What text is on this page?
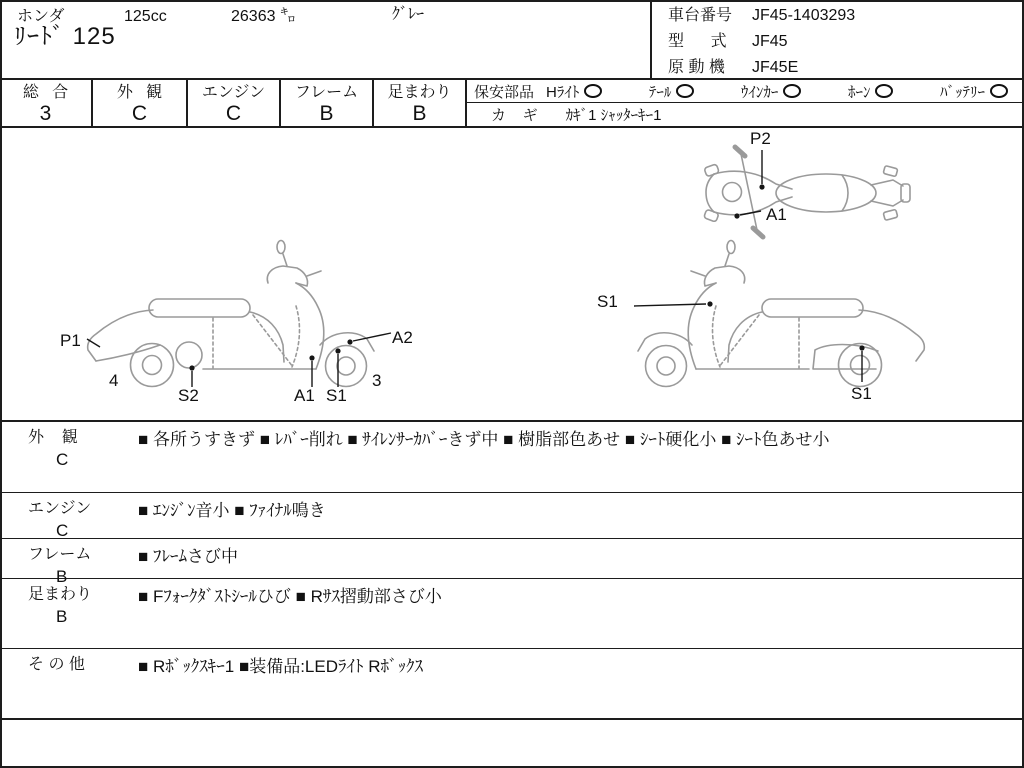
ホンダ	125cc	26363 ㌔	ｸﾞﾚｰ
ﾘｰﾄﾞ 125
車台番号	JF45-1403293
型      式	JF45
原 動 機	JF45E
総   合
3
外   観
C
エンジン
C
フレーム
B
足まわり
B
保安部品 Hﾗｲﾄ	ﾃｰﾙ	ｳｲﾝｶｰ	ﾎｰﾝ	ﾊﾞｯﾃﾘｰ
カ    ギ ｶｷﾞ1 ｼｬｯﾀｰｷｰ1
P2
A1
S1
S1
P1
4
S2	A1 S1
A2
3
外    観
C
■ 各所うすきず ■ ﾚﾊﾞｰ削れ ■ ｻｲﾚﾝｻｰｶﾊﾞｰきず中 ■ 樹脂部色あせ ■ ｼｰﾄ硬化小 ■ ｼｰﾄ色あせ小
エンジン
C
■ ｴﾝｼﾞﾝ音小 ■ ﾌｧｲﾅﾙ鳴き
フレーム
B
■ ﾌﾚｰﾑさび中
足まわり
B
■ Fﾌｫｰｸﾀﾞｽﾄｼｰﾙひび ■ Rｻｽ摺動部さび小
そ の 他	■ Rﾎﾞｯｸｽｷｰ1 ■装備品:LEDﾗｲﾄ Rﾎﾞｯｸｽ
